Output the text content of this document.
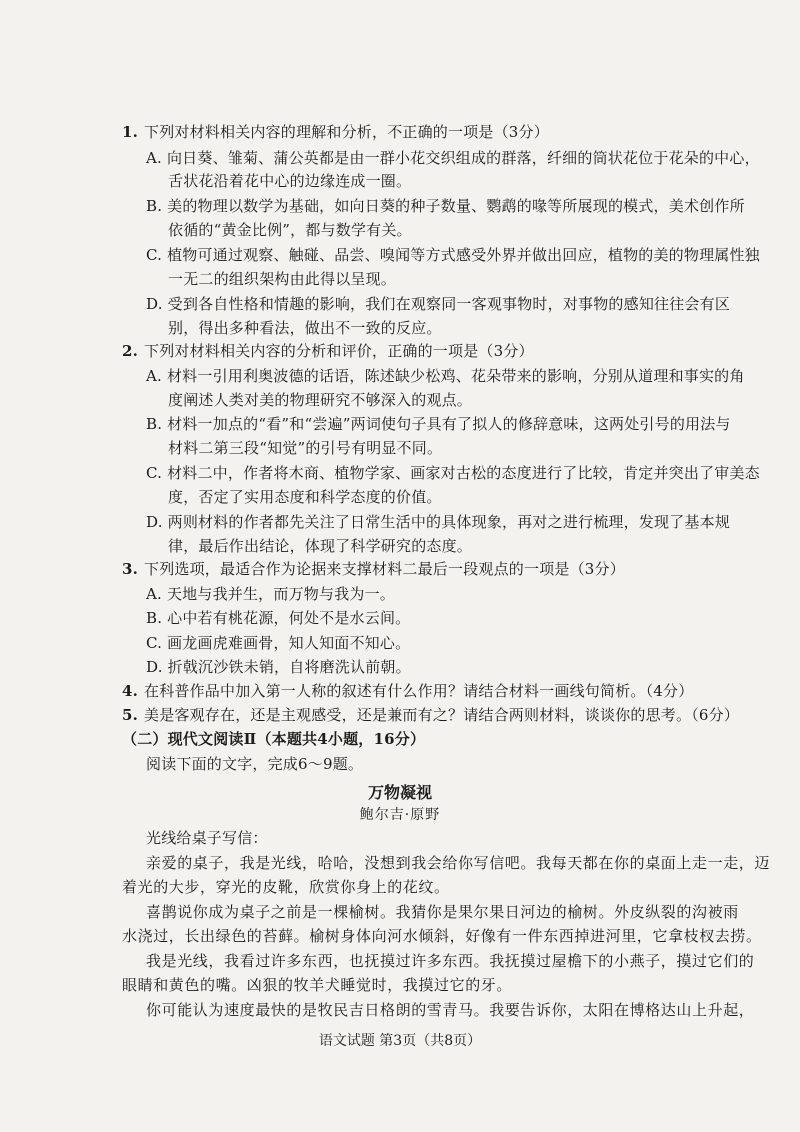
1. 下列对材料相关内容的理解和分析，不正确的一项是（3分）
A. 向日葵、雏菊、蒲公英都是由一群小花交织组成的群落，纤细的筒状花位于花朵的中心，
舌状花沿着花中心的边缘连成一圈。
B. 美的物理以数学为基础，如向日葵的种子数量、鹦鹉的喙等所展现的模式，美术创作所
依循的“黄金比例”，都与数学有关。
C. 植物可通过观察、触碰、品尝、嗅闻等方式感受外界并做出回应，植物的美的物理属性独
一无二的组织架构由此得以呈现。
D. 受到各自性格和情趣的影响，我们在观察同一客观事物时，对事物的感知往往会有区
别，得出多种看法，做出不一致的反应。
2. 下列对材料相关内容的分析和评价，正确的一项是（3分）
A. 材料一引用利奥波德的话语，陈述缺少松鸡、花朵带来的影响，分别从道理和事实的角
度阐述人类对美的物理研究不够深入的观点。
B. 材料一加点的“看”和“尝遍”两词使句子具有了拟人的修辞意味，这两处引号的用法与
材料二第三段“知觉”的引号有明显不同。
C. 材料二中，作者将木商、植物学家、画家对古松的态度进行了比较，肯定并突出了审美态
度，否定了实用态度和科学态度的价值。
D. 两则材料的作者都先关注了日常生活中的具体现象，再对之进行梳理，发现了基本规
律，最后作出结论，体现了科学研究的态度。
3. 下列选项，最适合作为论据来支撑材料二最后一段观点的一项是（3分）
A. 天地与我并生，而万物与我为一。
B. 心中若有桃花源，何处不是水云间。
C. 画龙画虎难画骨，知人知面不知心。
D. 折戟沉沙铁未销，自将磨洗认前朝。
4. 在科普作品中加入第一人称的叙述有什么作用？请结合材料一画线句简析。（4分）
5. 美是客观存在，还是主观感受，还是兼而有之？请结合两则材料，谈谈你的思考。（6分）
（二）现代文阅读Ⅱ（本题共4小题，16分）
阅读下面的文字，完成6～9题。
万物凝视
鲍尔吉·原野
光线给桌子写信：
亲爱的桌子，我是光线，哈哈，没想到我会给你写信吧。我每天都在你的桌面上走一走，迈
着光的大步，穿光的皮靴，欣赏你身上的花纹。
喜鹊说你成为桌子之前是一棵榆树。我猜你是果尔果日河边的榆树。外皮纵裂的沟被雨
水浇过，长出绿色的苔藓。榆树身体向河水倾斜，好像有一件东西掉进河里，它拿枝杈去捞。
我是光线，我看过许多东西，也抚摸过许多东西。我抚摸过屋檐下的小燕子，摸过它们的
眼睛和黄色的嘴。凶狠的牧羊犬睡觉时，我摸过它的牙。
你可能认为速度最快的是牧民吉日格朗的雪青马。我要告诉你，太阳在博格达山上升起，
语文试题 第3页（共8页）
